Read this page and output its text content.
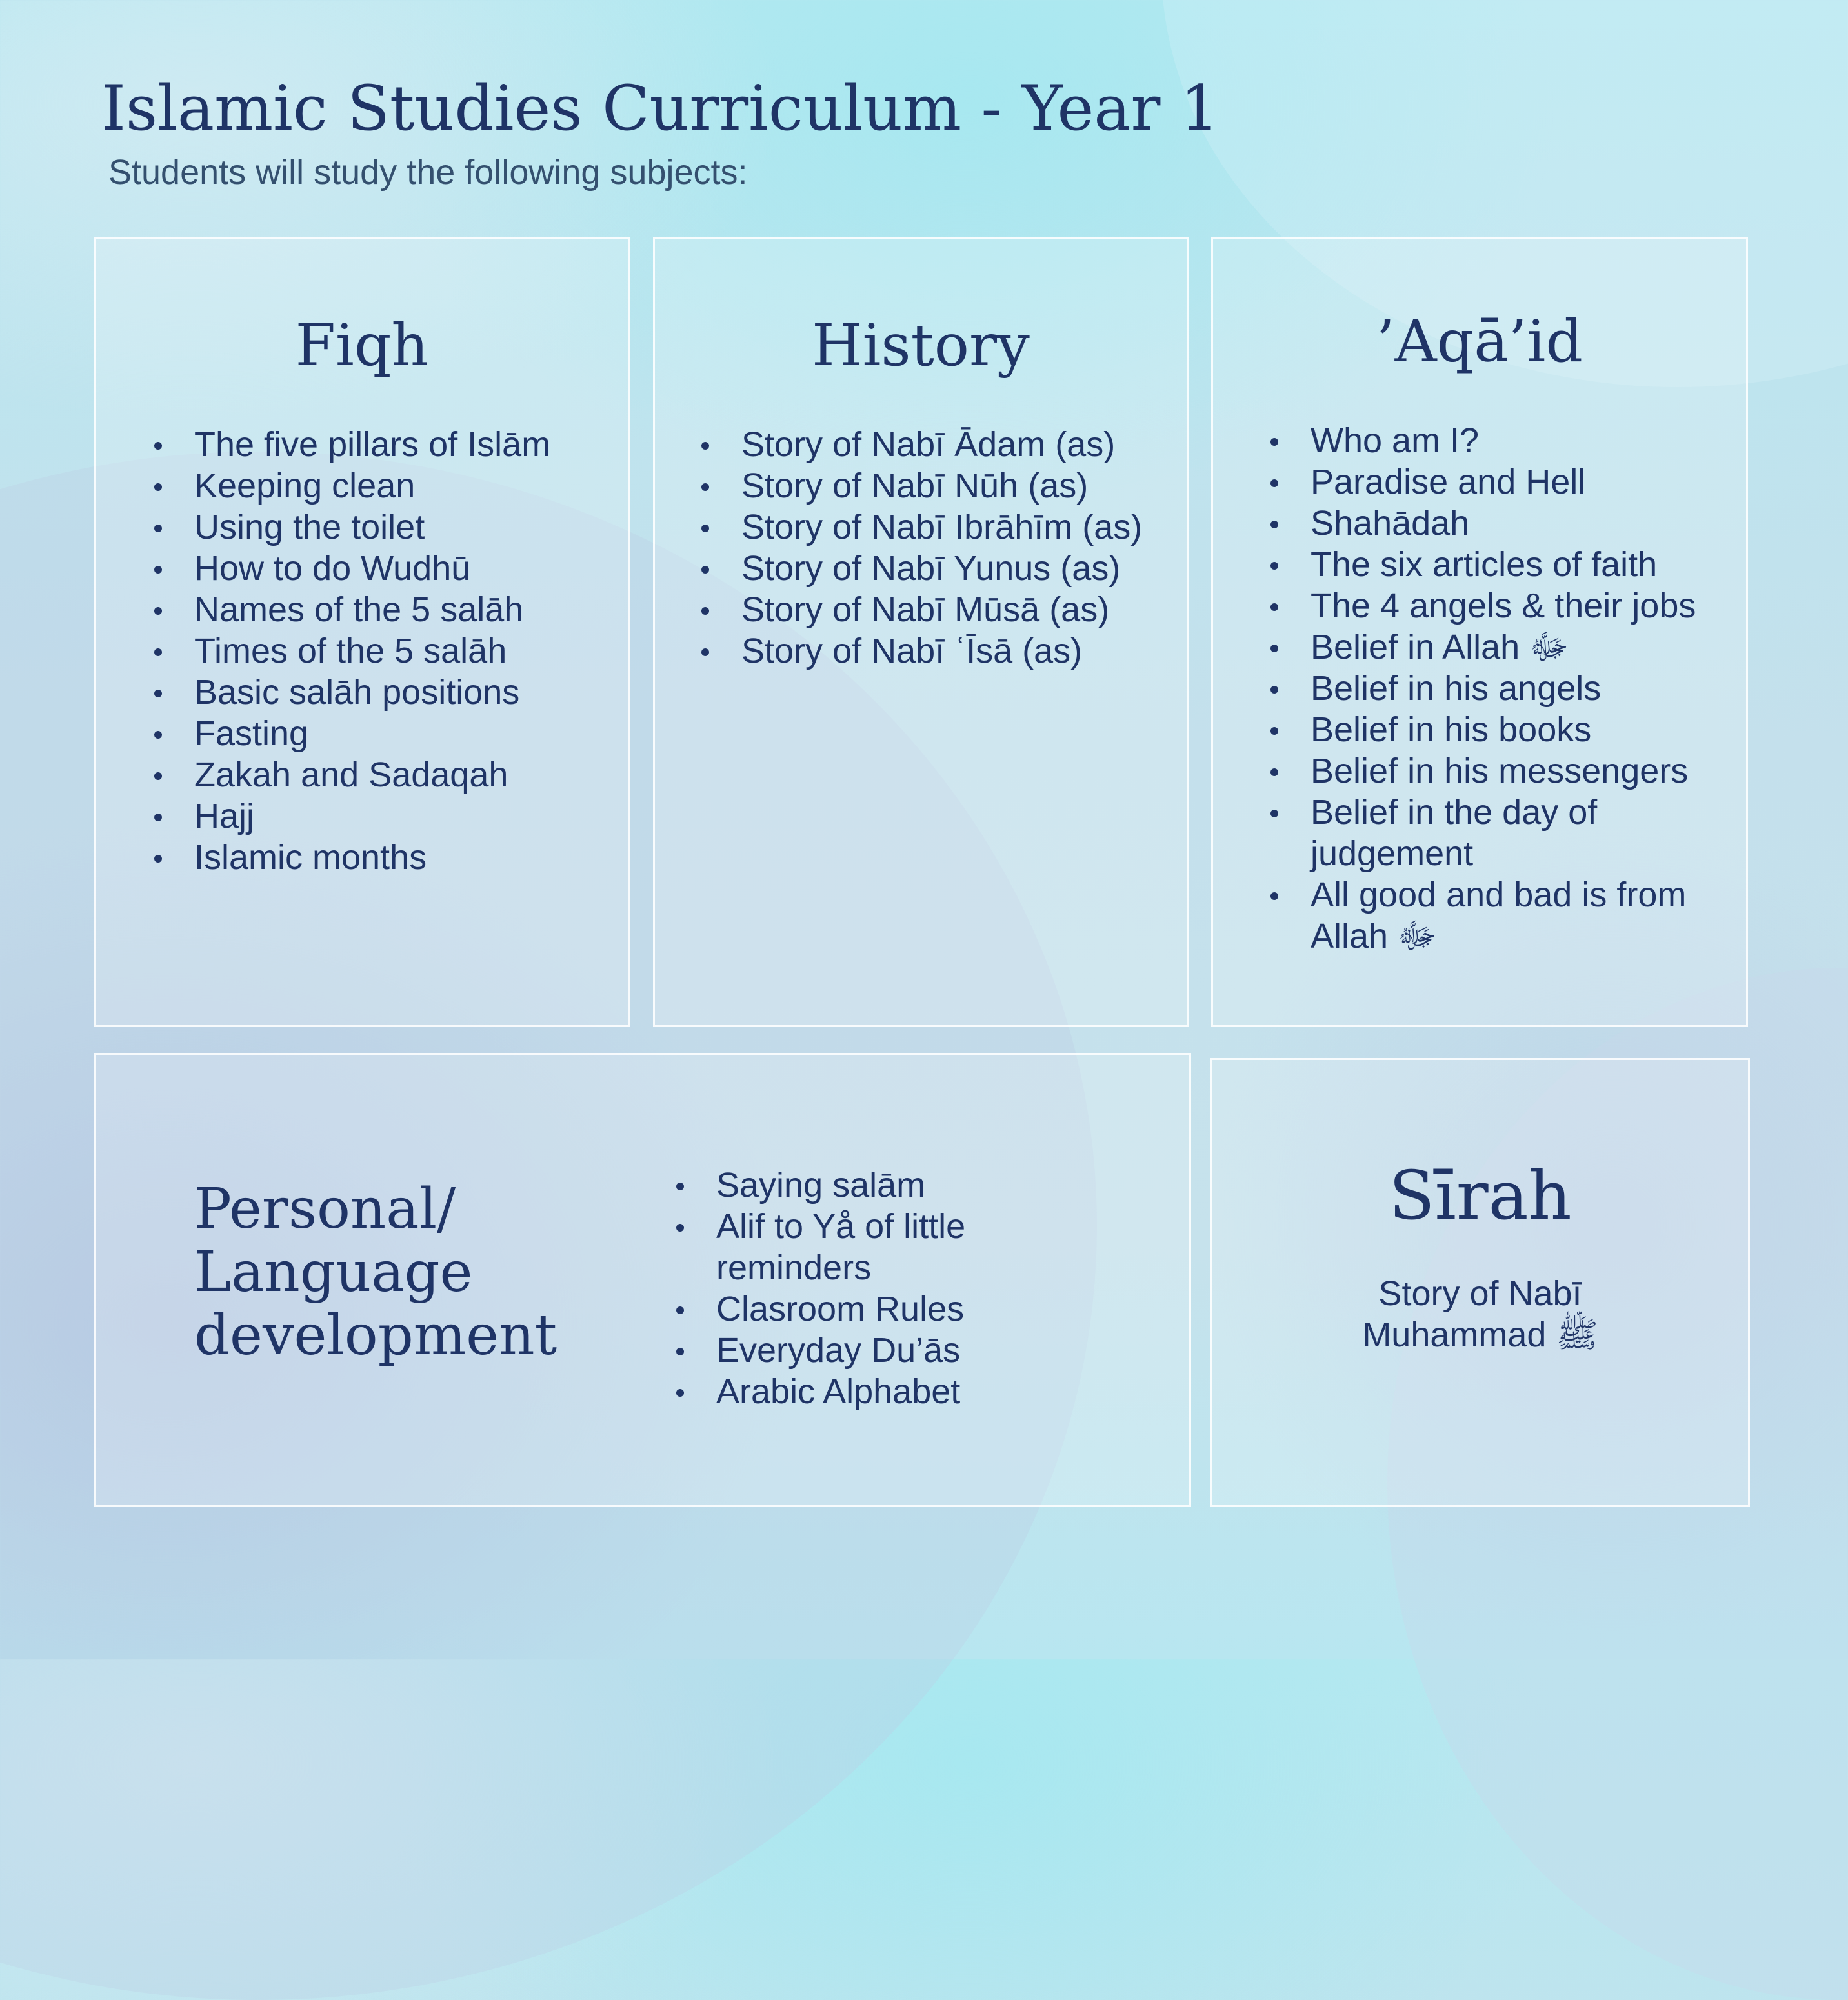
Islamic Studies Curriculum - Year 1

Students will study the following subjects:

Fiqh
The five pillars of Islām
Keeping clean
Using the toilet
How to do Wudhū
Names of the 5 salāh
Times of the 5 salāh
Basic salāh positions
Fasting
Zakah and Sadaqah
Hajj
Islamic months
History
Story of Nabī Ādam (as)
Story of Nabī Nūh (as)
Story of Nabī Ibrāhīm (as)
Story of Nabī Yunus (as)
Story of Nabī Mūsā (as)
Story of Nabī ʿĪsā (as)
’Aqā’id
Who am I?
Paradise and Hell
Shahādah
The six articles of faith
The 4 angels & their jobs
Belief in Allah ﷻ
Belief in his angels
Belief in his books
Belief in his messengers
Belief in the day of judgement
All good and bad is from Allah ﷻ
Personal/
Language
development
Saying salām
Alif to Yå of little reminders
Clasroom Rules
Everyday Du’ās
Arabic Alphabet
Sīrah

Story of Nabī
Muhammad ﷺ
